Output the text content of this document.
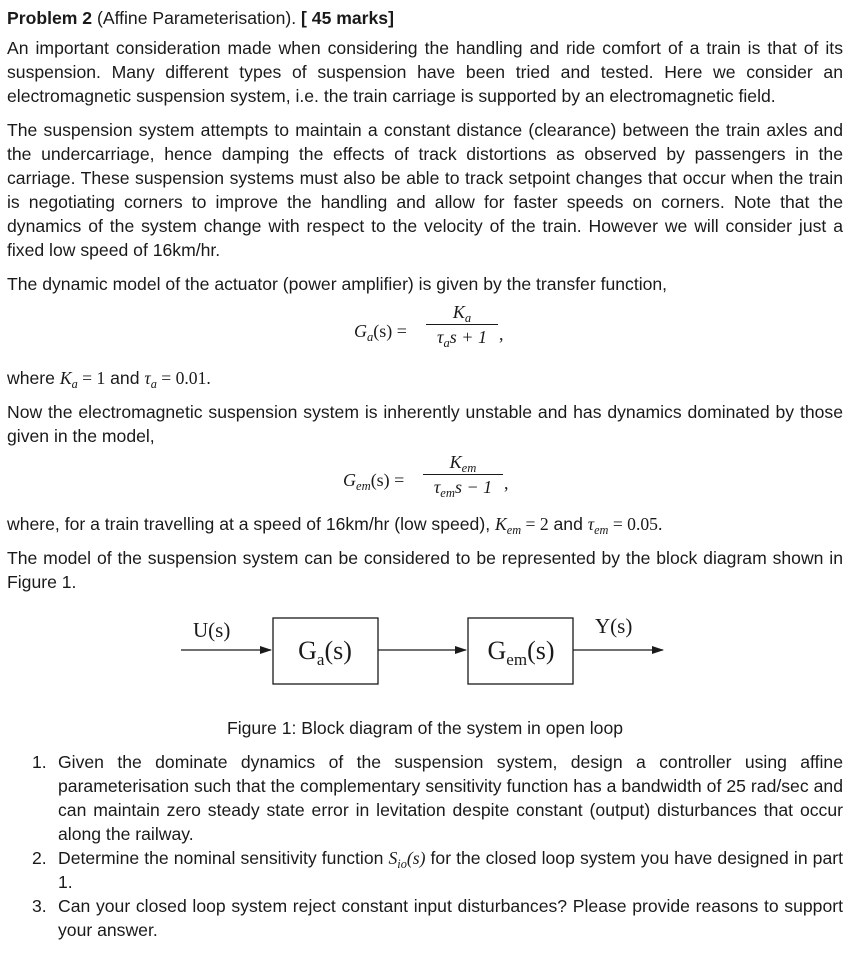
Problem 2 (Affine Parameterisation). [ 45 marks]

An important consideration made when considering the handling and ride comfort of a train is that of its suspension. Many different types of suspension have been tried and tested. Here we consider an electromagnetic suspension system, i.e. the train carriage is supported by an electromagnetic field.

The suspension system attempts to maintain a constant distance (clearance) between the train axles and the undercarriage, hence damping the effects of track distortions as observed by passengers in the carriage. These suspension systems must also be able to track setpoint changes that occur when the train is negotiating corners to improve the handling and allow for faster speeds on corners. Note that the dynamics of the system change with respect to the velocity of the train. However we will consider just a fixed low speed of 16km/hr.

The dynamic model of the actuator (power amplifier) is given by the transfer function,

$G_a(s)$ =
$K_a$
$\tau_as + 1$ ,

where $K_a = 1$ and $\tau_a = 0.01$.

Now the electromagnetic suspension system is inherently unstable and has dynamics dominated by those given in the model,

$G_{em}(s)$ =
$K_{em}$
$\tau_{em}s - 1$ ,

where, for a train travelling at a speed of 16km/hr (low speed), $K_{em} = 2$ and $\tau_{em} = 0.05$.

The model of the suspension system can be considered to be represented by the block diagram shown in Figure 1.

U(s)
$G_a(s)$	$G_{em}(s)$
Y(s)
Figure 1: Block diagram of the system in open loop
1. Given the dominate dynamics of the suspension system, design a controller using affine parameterisation such that the complementary sensitivity function has a bandwidth of 25 rad/sec and can maintain zero steady state error in levitation despite constant (output) disturbances that occur along the railway.
2. Determine the nominal sensitivity function $S_{io}(s)$ for the closed loop system you have designed in part 1.
3. Can your closed loop system reject constant input disturbances? Please provide reasons to support your answer.
